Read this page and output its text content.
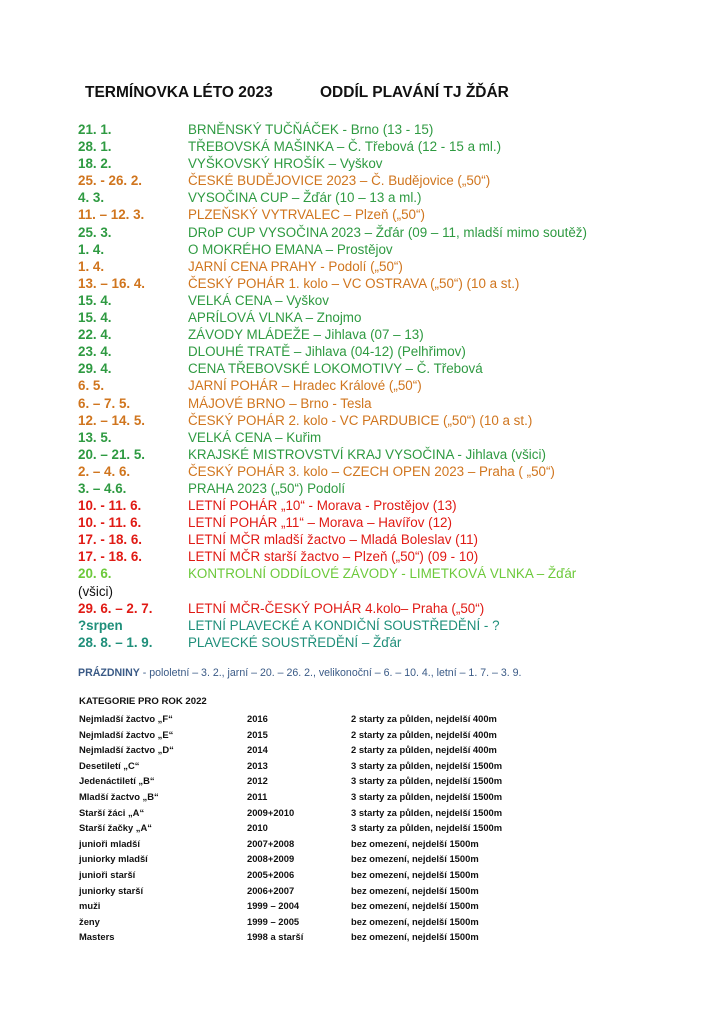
TERMÍNOVKA LÉTO 2023	ODDÍL PLAVÁNÍ TJ ŽĎÁR
21. 1.	BRNĚNSKÝ TUČŇÁČEK - Brno (13 - 15)
28. 1.	TŘEBOVSKÁ MAŠINKA – Č. Třebová (12 - 15 a ml.)
18. 2.	VYŠKOVSKÝ HROŠÍK – Vyškov
25. - 26. 2.	ČESKÉ BUDĚJOVICE 2023 – Č. Budějovice („50“)
4. 3.	VYSOČINA CUP – Žďár (10 – 13 a ml.)
11. – 12. 3.	PLZEŇSKÝ VYTRVALEC – Plzeň („50“)
25. 3.	DRoP CUP VYSOČINA 2023 – Žďár (09 – 11, mladší mimo soutěž)
1. 4.	O MOKRÉHO EMANA – Prostějov
1. 4.	JARNÍ CENA PRAHY - Podolí („50“)
13. – 16. 4.	ČESKÝ POHÁR 1. kolo – VC OSTRAVA („50“) (10 a st.)
15. 4.	VELKÁ CENA – Vyškov
15. 4.	APRÍLOVÁ VLNKA – Znojmo
22. 4.	ZÁVODY MLÁDEŽE – Jihlava (07 – 13)
23. 4.	DLOUHÉ TRATĚ – Jihlava (04-12) (Pelhřimov)
29. 4.	CENA TŘEBOVSKÉ LOKOMOTIVY – Č. Třebová
6. 5.	JARNÍ POHÁR – Hradec Králové („50“)
6. – 7. 5.	MÁJOVÉ BRNO – Brno - Tesla
12. – 14. 5.	ČESKÝ POHÁR 2. kolo - VC PARDUBICE („50“) (10 a st.)
13. 5.	VELKÁ CENA – Kuřim
20. – 21. 5.	KRAJSKÉ MISTROVSTVÍ KRAJ VYSOČINA - Jihlava (všici)
2. – 4. 6.	ČESKÝ POHÁR 3. kolo – CZECH OPEN 2023 – Praha ( „50“)
3. – 4.6.	PRAHA 2023 („50“) Podolí
10. - 11. 6.	LETNÍ POHÁR „10“ - Morava - Prostějov (13)
10. - 11. 6.	LETNÍ POHÁR „11“ – Morava – Havířov (12)
17. - 18. 6.	LETNÍ MČR mladší žactvo – Mladá Boleslav (11)
17. - 18. 6.	LETNÍ MČR starší žactvo – Plzeň („50“) (09 - 10)
20. 6.	KONTROLNÍ ODDÍLOVÉ ZÁVODY - LIMETKOVÁ VLNKA – Žďár
(všici)
29. 6. – 2. 7.	LETNÍ MČR-ČESKÝ POHÁR 4.kolo– Praha („50“)
?srpen	LETNÍ PLAVECKÉ A KONDIČNÍ SOUSTŘEDĚNÍ - ?
28. 8. – 1. 9.	PLAVECKÉ SOUSTŘEDĚNÍ – Žďár
PRÁZDNINY - pololetní – 3. 2., jarní – 20. – 26. 2., velikonoční – 6. – 10. 4., letní – 1. 7. – 3. 9.
KATEGORIE PRO ROK 2022
Nejmladší žactvo „F“	2016	2 starty za půlden, nejdelší 400m
Nejmladší žactvo „E“	2015	2 starty za půlden, nejdelší 400m
Nejmladší žactvo „D“	2014	2 starty za půlden, nejdelší 400m
Desetiletí „C“	2013	3 starty za půlden, nejdelší 1500m
Jedenáctiletí „B“	2012	3 starty za půlden, nejdelší 1500m
Mladší žactvo „B“	2011	3 starty za půlden, nejdelší 1500m
Starší žáci „A“	2009+2010	3 starty za půlden, nejdelší 1500m
Starší žačky „A“	2010	3 starty za půlden, nejdelší 1500m
junioři mladší	2007+2008	bez omezení, nejdelší 1500m
juniorky mladší	2008+2009	bez omezení, nejdelší 1500m
junioři starší	2005+2006	bez omezení, nejdelší 1500m
juniorky starší	2006+2007	bez omezení, nejdelší 1500m
muži	1999 – 2004	bez omezení, nejdelší 1500m
ženy	1999 – 2005	bez omezení, nejdelší 1500m
Masters	1998 a starší	bez omezení, nejdelší 1500m
